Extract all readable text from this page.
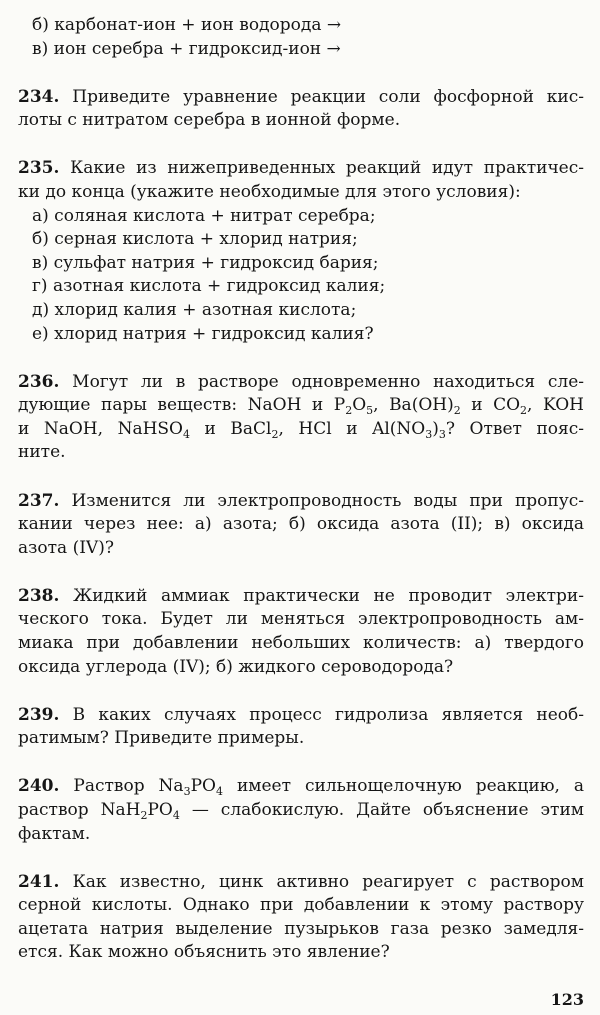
б) карбонат-ион + ион водорода →
в) ион серебра + гидроксид-ион →
234. Приведите уравнение реакции соли фосфорной кис-
лоты с нитратом серебра в ионной форме.
235. Какие из нижеприведенных реакций идут практичес-
ки до конца (укажите необходимые для этого условия):
а) соляная кислота + нитрат серебра;
б) серная кислота + хлорид натрия;
в) сульфат натрия + гидроксид бария;
г) азотная кислота + гидроксид калия;
д) хлорид калия + азотная кислота;
е) хлорид натрия + гидроксид калия?
236. Могут ли в растворе одновременно находиться сле-
дующие пары веществ: NaOH и $P_2O_5$, $Ba(OH)_2$ и $CO_2$, KOH
и NaOH, NaHSO$_4$ и BaCl$_2$, HCl и $Al(NO_3)_3$? Ответ пояс-
ните.
237. Изменится ли электропроводность воды при пропус-
кании через нее: а) азота; б) оксида азота (II); в) оксида
азота (IV)?
238. Жидкий аммиак практически не проводит электри-
ческого тока. Будет ли меняться электропроводность ам-
миака при добавлении небольших количеств: а) твердого
оксида углерода (IV); б) жидкого сероводорода?
239. В каких случаях процесс гидролиза является необ-
ратимым? Приведите примеры.
240. Раствор $Na_3PO_4$ имеет сильнощелочную реакцию, а
раствор $NaH_2PO_4$ — слабокислую. Дайте объяснение этим
фактам.
241. Как известно, цинк активно реагирует с раствором
серной кислоты. Однако при добавлении к этому раствору
ацетата натрия выделение пузырьков газа резко замедля-
ется. Как можно объяснить это явление?
123
